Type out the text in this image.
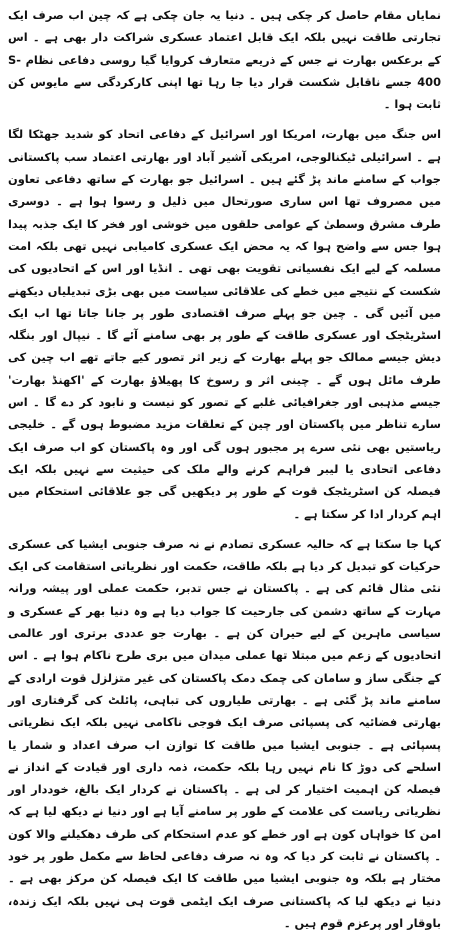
نمایاں مقام حاصل کر چکی ہیں ۔ دنیا یہ جان چکی ہے کہ چین اب صرف ایک تجارتی طاقت نہیں بلکہ ایک قابل اعتماد عسکری شراکت دار بھی ہے ۔ اس کے برعکس بھارت نے جس کے ذریعے متعارف کروایا گیا روسی دفاعی نظام S-400 جسے ناقابل شکست قرار دیا جا رہا تھا اپنی کارکردگی سے مایوس کن ثابت ہوا ۔

اس جنگ میں بھارت، امریکا اور اسرائیل کے دفاعی اتحاد کو شدید جھٹکا لگا ہے ۔ اسرائیلی ٹیکنالوجی، امریکی آشیر آباد اور بھارتی اعتماد سب پاکستانی جواب کے سامنے ماند پڑ گئے ہیں ۔ اسرائیل جو بھارت کے ساتھ دفاعی تعاون میں مصروف تھا اس ساری صورتحال میں ذلیل و رسوا ہوا ہے ۔ دوسری طرف مشرق وسطیٰ کے عوامی حلقوں میں خوشی اور فخر کا ایک جذبہ پیدا ہوا جس سے واضح ہوا کہ یہ محض ایک عسکری کامیابی نہیں تھی بلکہ امت مسلمہ کے لیے ایک نفسیاتی تقویت بھی تھی ۔ انڈیا اور اس کے اتحادیوں کی شکست کے نتیجے میں خطے کی علاقائی سیاست میں بھی بڑی تبدیلیاں دیکھنے میں آئیں گی ۔ چین جو پہلے صرف اقتصادی طور پر جانا جاتا تھا اب ایک اسٹریٹجک اور عسکری طاقت کے طور پر بھی سامنے آئے گا ۔ نیپال اور بنگلہ دیش جیسے ممالک جو پہلے بھارت کے زیر اثر تصور کیے جاتے تھے اب چین کی طرف مائل ہوں گے ۔ چینی اثر و رسوخ کا پھیلاؤ بھارت کے 'اکھنڈ بھارت' جیسے مذہبی اور جغرافیائی غلبے کے تصور کو نیست و نابود کر دے گا ۔ اس سارے تناظر میں پاکستان اور چین کے تعلقات مزید مضبوط ہوں گے ۔ خلیجی ریاستیں بھی نئی سرے پر مجبور ہوں گی اور وہ پاکستان کو اب صرف ایک دفاعی اتحادی یا لیبر فراہم کرنے والے ملک کی حیثیت سے نہیں بلکہ ایک فیصلہ کن اسٹریٹجک قوت کے طور پر دیکھیں گی جو علاقائی استحکام میں اہم کردار ادا کر سکتا ہے ۔

کہا جا سکتا ہے کہ حالیہ عسکری تصادم نے نہ صرف جنوبی ایشیا کی عسکری حرکیات کو تبدیل کر دیا ہے بلکہ طاقت، حکمت اور نظریاتی استقامت کی ایک نئی مثال قائم کی ہے ۔ پاکستان نے جس تدبر، حکمت عملی اور پیشہ ورانہ مہارت کے ساتھ دشمن کی جارحیت کا جواب دیا ہے وہ دنیا بھر کے عسکری و سیاسی ماہرین کے لیے حیران کن ہے ۔ بھارت جو عددی برتری اور عالمی اتحادیوں کے زعم میں مبتلا تھا عملی میدان میں بری طرح ناکام ہوا ہے ۔ اس کے جنگی ساز و سامان کی چمک دمک پاکستان کی غیر متزلزل قوت ارادی کے سامنے ماند پڑ گئی ہے ۔ بھارتی طیاروں کی تباہی، پائلٹ کی گرفتاری اور بھارتی فضائیہ کی پسپائی صرف ایک فوجی ناکامی نہیں بلکہ ایک نظریاتی پسپائی ہے ۔ جنوبی ایشیا میں طاقت کا توازن اب صرف اعداد و شمار یا اسلحے کی دوڑ کا نام نہیں رہا بلکہ حکمت، ذمہ داری اور قیادت کے انداز نے فیصلہ کن اہمیت اختیار کر لی ہے ۔ پاکستان نے کردار ایک بالغ، خوددار اور نظریاتی ریاست کی علامت کے طور پر سامنے آیا ہے اور دنیا نے دیکھ لیا ہے کہ امن کا خواہاں کون ہے اور خطے کو عدم استحکام کی طرف دھکیلنے والا کون ۔ پاکستان نے ثابت کر دیا کہ وہ نہ صرف دفاعی لحاظ سے مکمل طور پر خود مختار ہے بلکہ وہ جنوبی ایشیا میں طاقت کا ایک فیصلہ کن مرکز بھی ہے ۔ دنیا نے دیکھ لیا کہ پاکستانی صرف ایک ایٹمی قوت ہی نہیں بلکہ ایک زندہ، باوقار اور پرعزم قوم ہیں ۔
